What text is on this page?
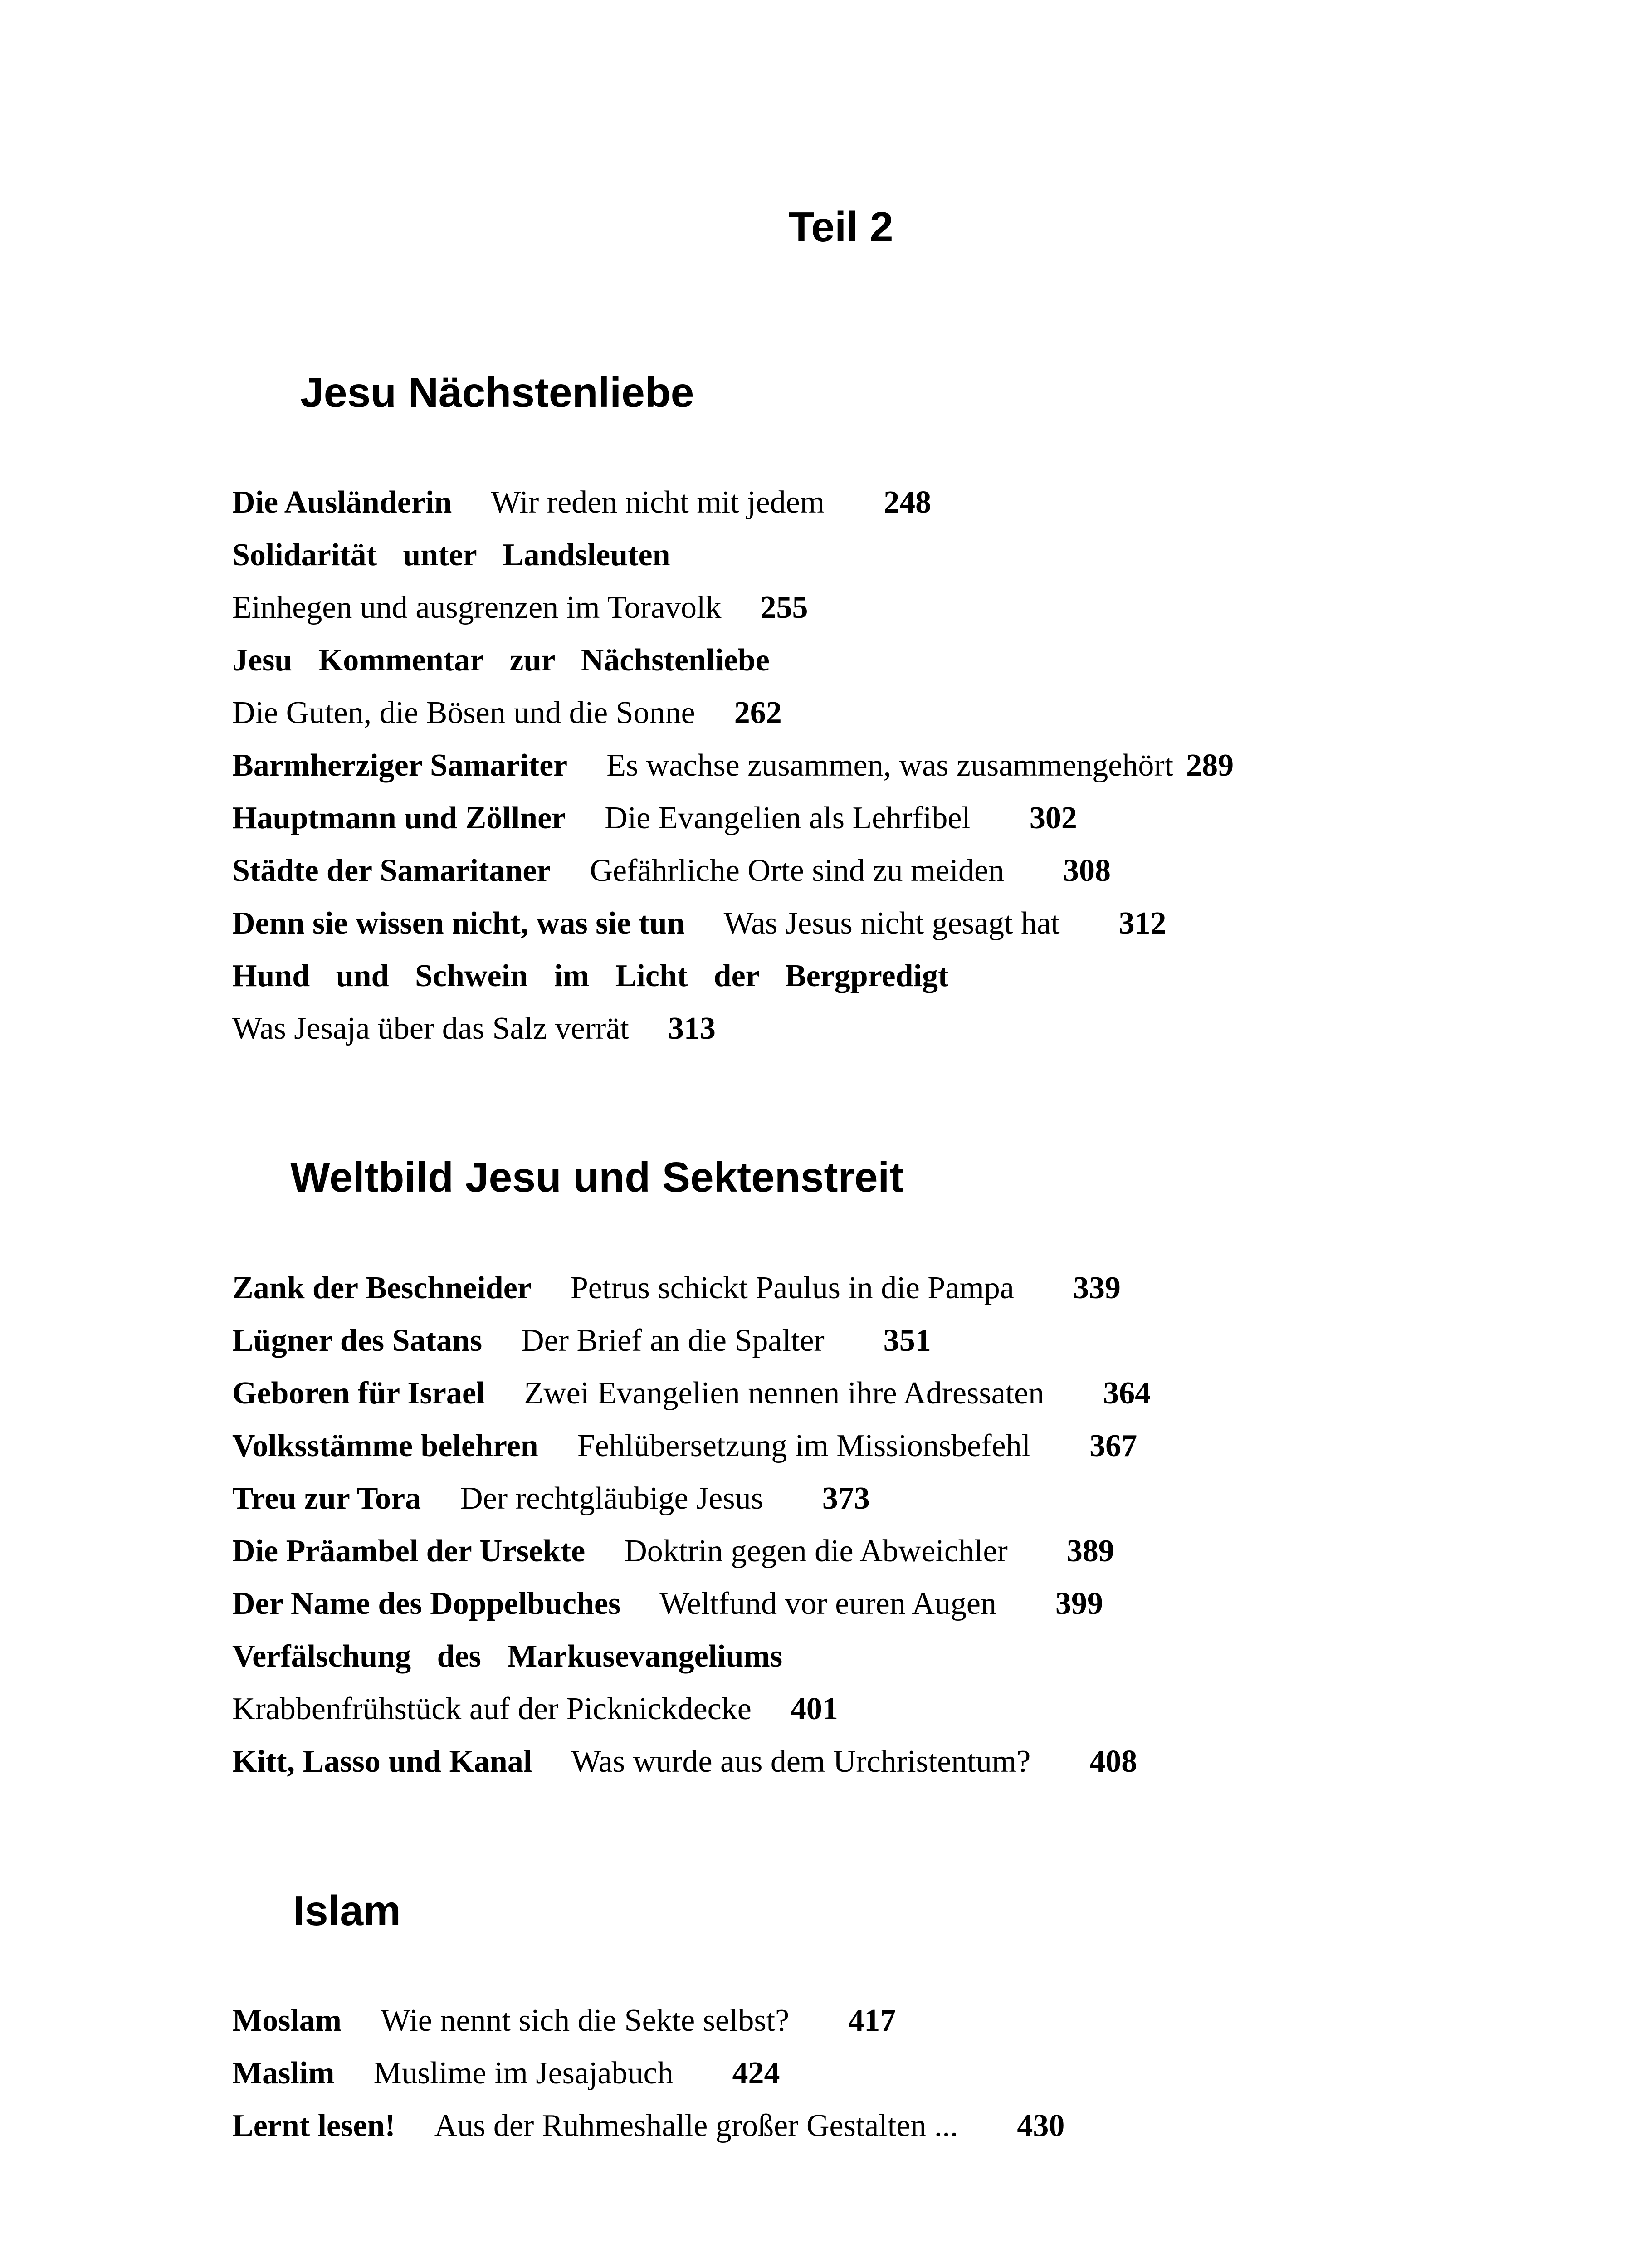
Teil 2
Jesu Nächstenliebe
Die Ausländerin Wir reden nicht mit jedem 248
Solidarität unter Landsleuten
Einhegen und ausgrenzen im Toravolk 255
Jesu Kommentar zur Nächstenliebe
Die Guten, die Bösen und die Sonne 262
Barmherziger Samariter Es wachse zusammen, was zusammengehört 289
Hauptmann und Zöllner Die Evangelien als Lehrfibel 302
Städte der Samaritaner Gefährliche Orte sind zu meiden 308
Denn sie wissen nicht, was sie tun Was Jesus nicht gesagt hat 312
Hund und Schwein im Licht der Bergpredigt
Was Jesaja über das Salz verrät 313
Weltbild Jesu und Sektenstreit
Zank der Beschneider Petrus schickt Paulus in die Pampa 339
Lügner des Satans Der Brief an die Spalter 351
Geboren für Israel Zwei Evangelien nennen ihre Adressaten 364
Volksstämme belehren Fehlübersetzung im Missionsbefehl 367
Treu zur Tora Der rechtgläubige Jesus 373
Die Präambel der Ursekte Doktrin gegen die Abweichler 389
Der Name des Doppelbuches Weltfund vor euren Augen 399
Verfälschung des Markusevangeliums
Krabbenfrühstück auf der Picknickdecke 401
Kitt, Lasso und Kanal Was wurde aus dem Urchristentum? 408
Islam
Moslam Wie nennt sich die Sekte selbst? 417
Maslim Muslime im Jesajabuch 424
Lernt lesen! Aus der Ruhmeshalle großer Gestalten ... 430
